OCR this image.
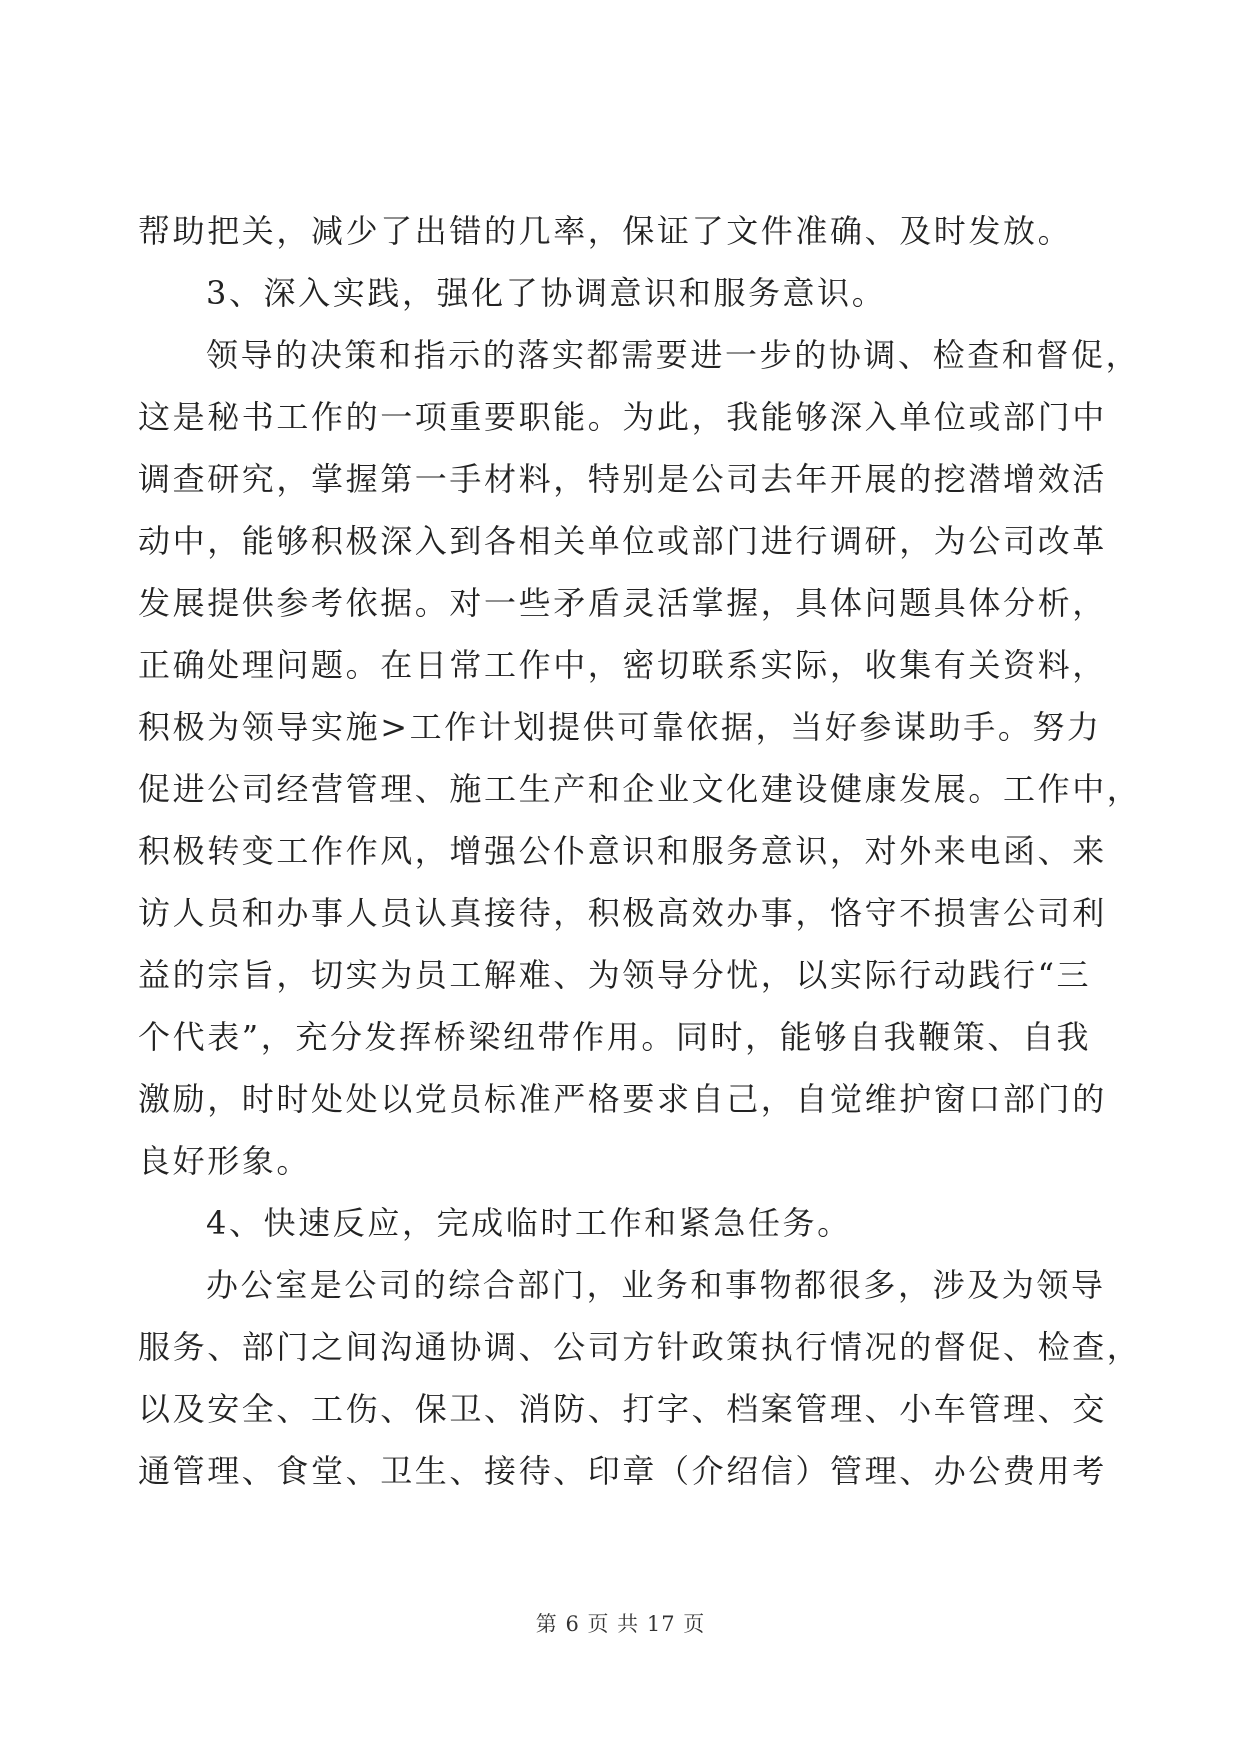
帮助把关，减少了出错的几率，保证了文件准确、及时发放。
3、深入实践，强化了协调意识和服务意识。
领导的决策和指示的落实都需要进一步的协调、检查和督促，
这是秘书工作的一项重要职能。为此，我能够深入单位或部门中
调查研究，掌握第一手材料，特别是公司去年开展的挖潜增效活
动中，能够积极深入到各相关单位或部门进行调研，为公司改革
发展提供参考依据。对一些矛盾灵活掌握，具体问题具体分析，
正确处理问题。在日常工作中，密切联系实际，收集有关资料，
积极为领导实施>工作计划提供可靠依据，当好参谋助手。努力
促进公司经营管理、施工生产和企业文化建设健康发展。工作中，
积极转变工作作风，增强公仆意识和服务意识，对外来电函、来
访人员和办事人员认真接待，积极高效办事，恪守不损害公司利
益的宗旨，切实为员工解难、为领导分忧，以实际行动践行“三
个代表”，充分发挥桥梁纽带作用。同时，能够自我鞭策、自我
激励，时时处处以党员标准严格要求自己，自觉维护窗口部门的
良好形象。
4、快速反应，完成临时工作和紧急任务。
办公室是公司的综合部门，业务和事物都很多，涉及为领导
服务、部门之间沟通协调、公司方针政策执行情况的督促、检查，
以及安全、工伤、保卫、消防、打字、档案管理、小车管理、交
通管理、食堂、卫生、接待、印章（介绍信）管理、办公费用考
第 6 页 共 17 页
